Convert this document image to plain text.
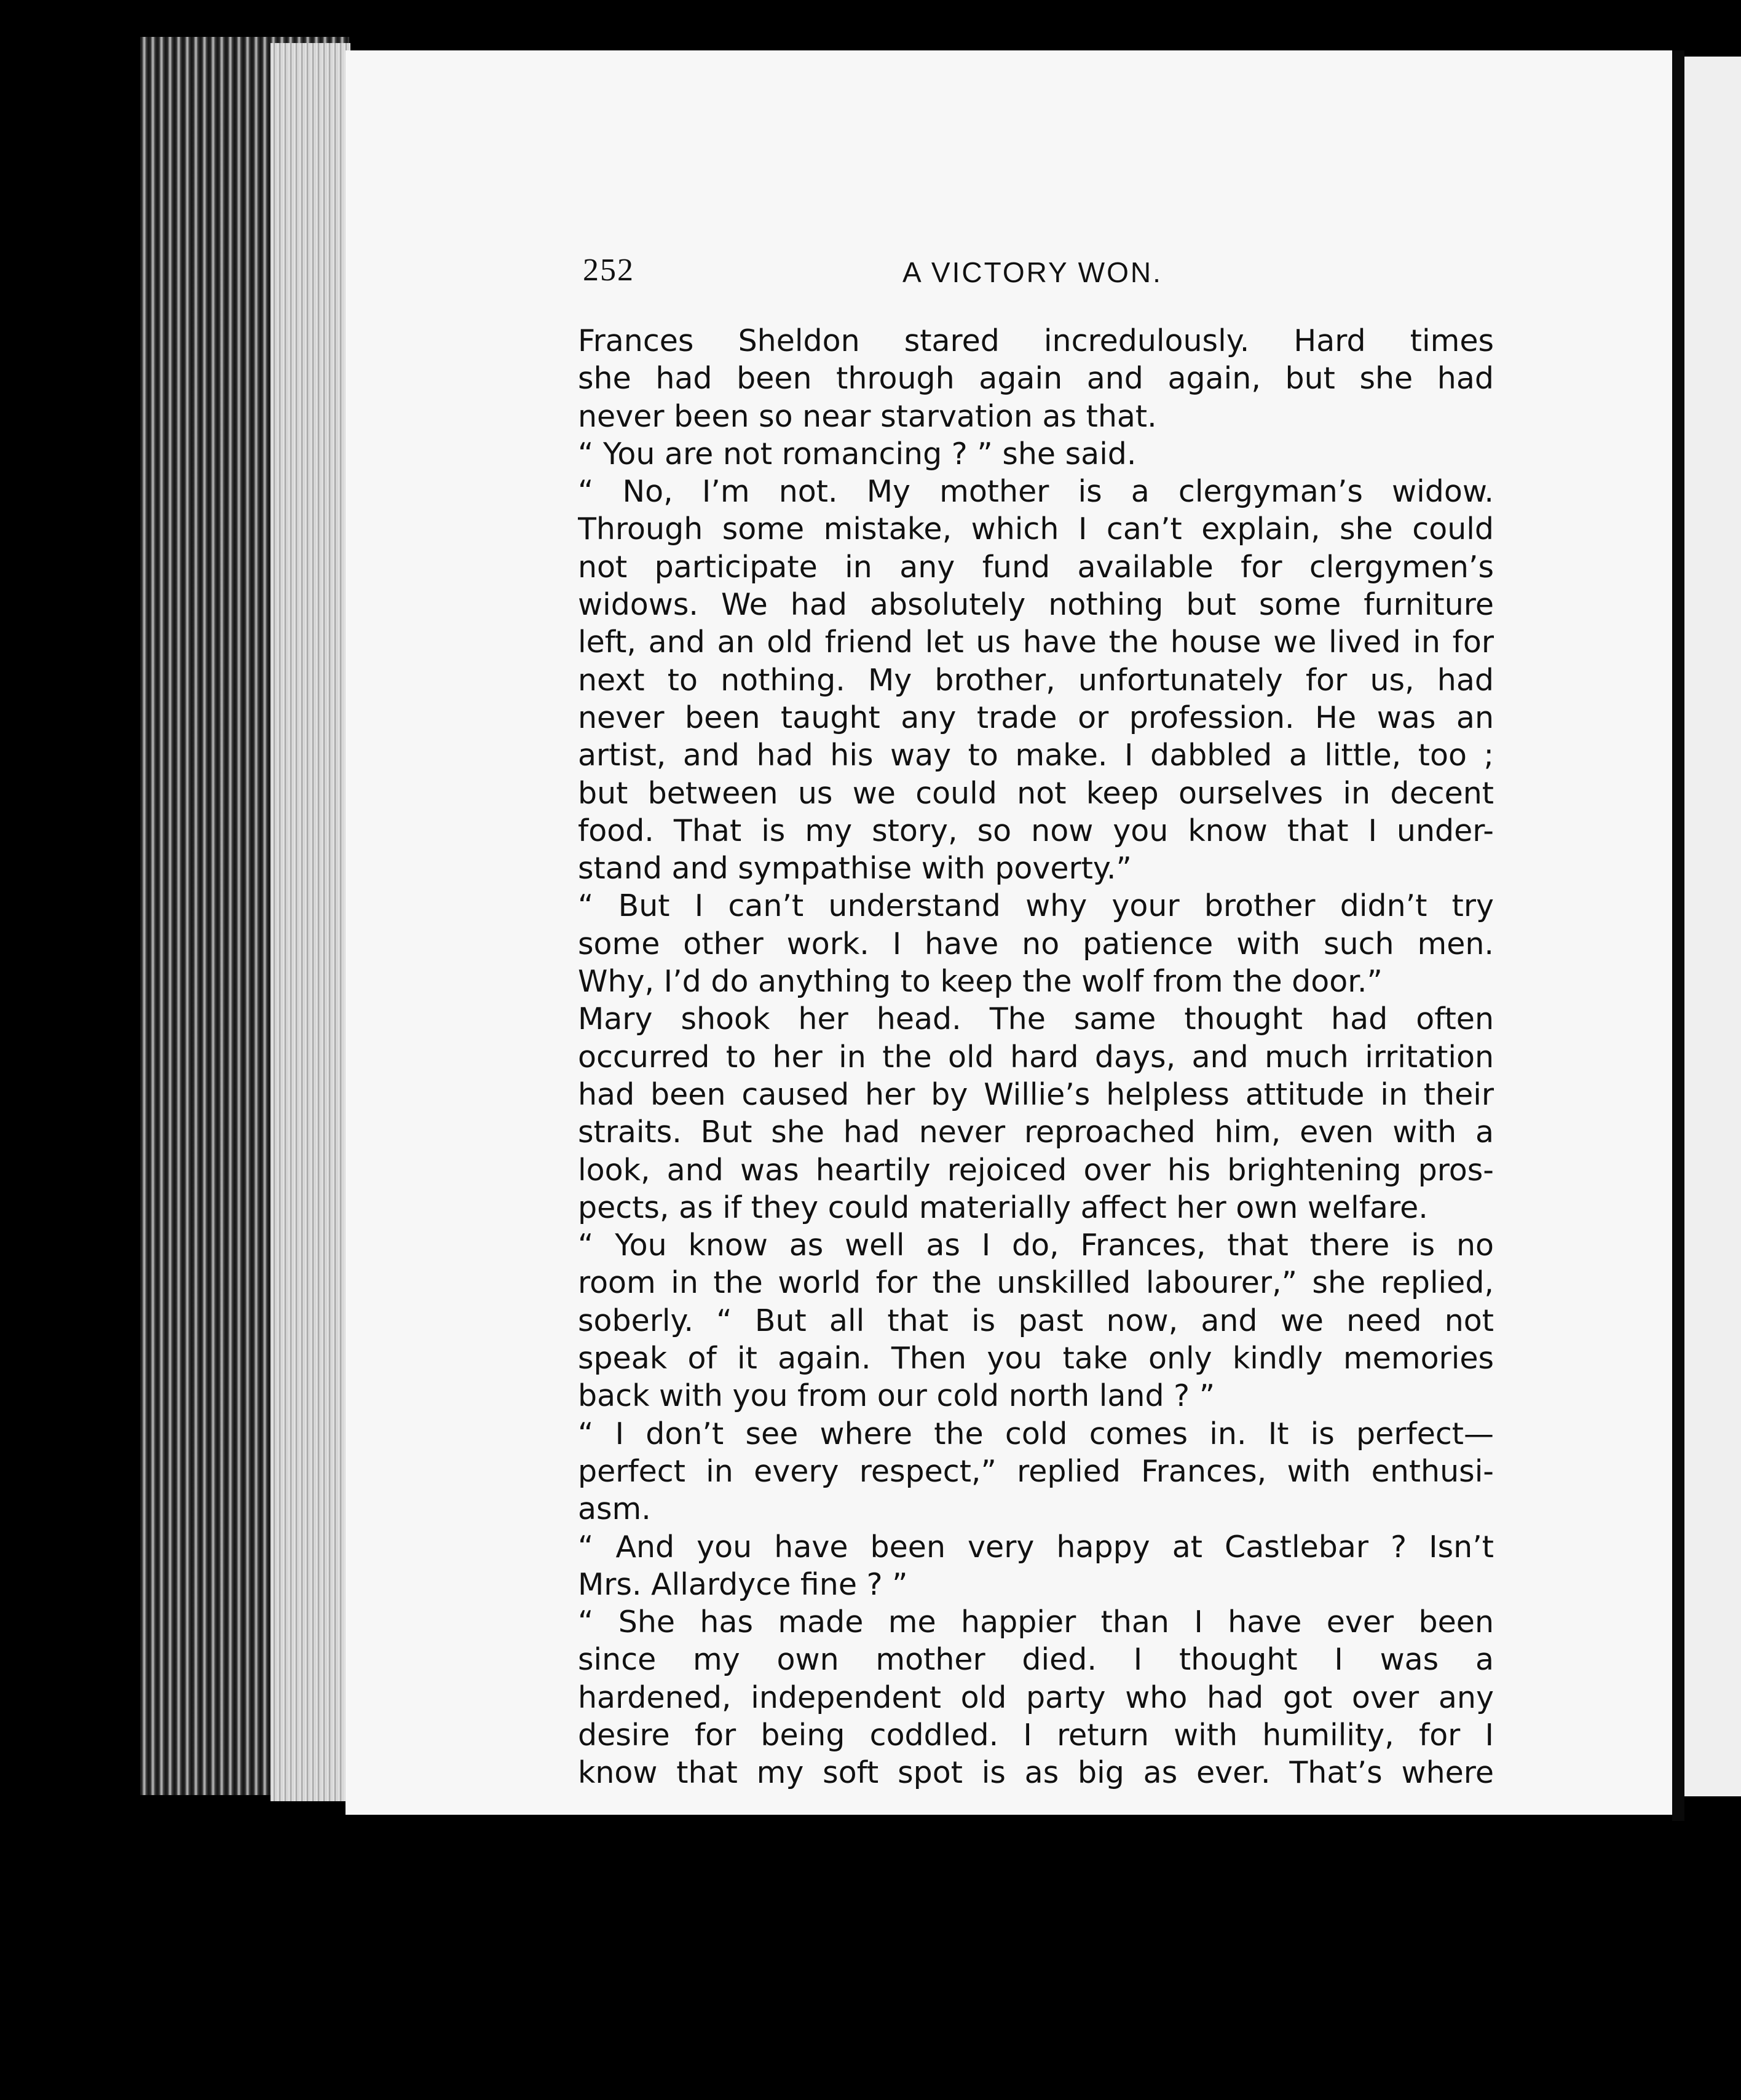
252	A VICTORY WON.
Frances Sheldon stared incredulously. Hard times
she had been through again and again, but she had
never been so near starvation as that.
“ You are not romancing ? ” she said.
“ No, I’m not. My mother is a clergyman’s widow.
Through some mistake, which I can’t explain, she could
not participate in any fund available for clergymen’s
widows. We had absolutely nothing but some furniture
left, and an old friend let us have the house we lived in for
next to nothing. My brother, unfortunately for us, had
never been taught any trade or profession. He was an
artist, and had his way to make. I dabbled a little, too ;
but between us we could not keep ourselves in decent
food. That is my story, so now you know that I under-
stand and sympathise with poverty.”
“ But I can’t understand why your brother didn’t try
some other work. I have no patience with such men.
Why, I’d do anything to keep the wolf from the door.”
Mary shook her head. The same thought had often
occurred to her in the old hard days, and much irritation
had been caused her by Willie’s helpless attitude in their
straits. But she had never reproached him, even with a
look, and was heartily rejoiced over his brightening pros-
pects, as if they could materially affect her own welfare.
“ You know as well as I do, Frances, that there is no
room in the world for the unskilled labourer,” she replied,
soberly. “ But all that is past now, and we need not
speak of it again. Then you take only kindly memories
back with you from our cold north land ? ”
“ I don’t see where the cold comes in. It is perfect—
perfect in every respect,” replied Frances, with enthusi-
asm.
“ And you have been very happy at Castlebar ? Isn’t
Mrs. Allardyce fine ? ”
“ She has made me happier than I have ever been
since my own mother died. I thought I was a
hardened, independent old party who had got over any
desire for being coddled. I return with humility, for I
know that my soft spot is as big as ever. That’s where
